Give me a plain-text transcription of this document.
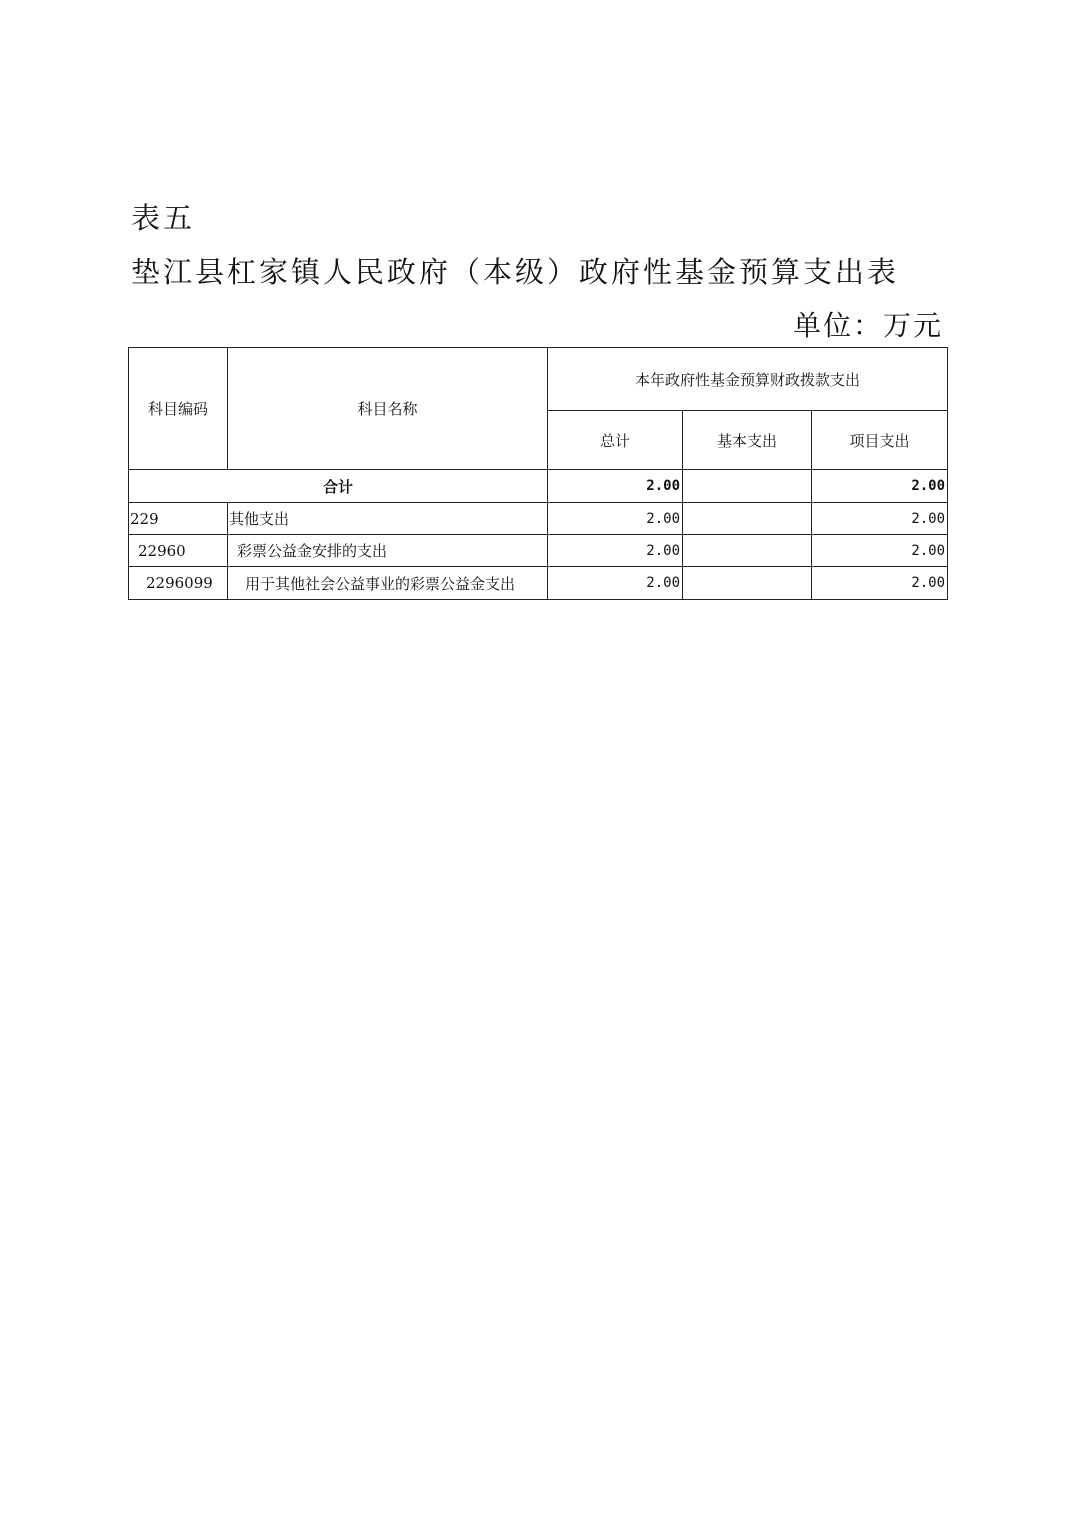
表五
垫江县杠家镇人民政府（本级）政府性基金预算支出表
单位：万元
科目编码	科目名称	本年政府性基金预算财政拨款支出		
		总计	基本支出	项目支出
合计		2.00		2.00
229	其他支出	2.00		2.00
22960	彩票公益金安排的支出	2.00		2.00
2296099	用于其他社会公益事业的彩票公益金支出	2.00		2.00
